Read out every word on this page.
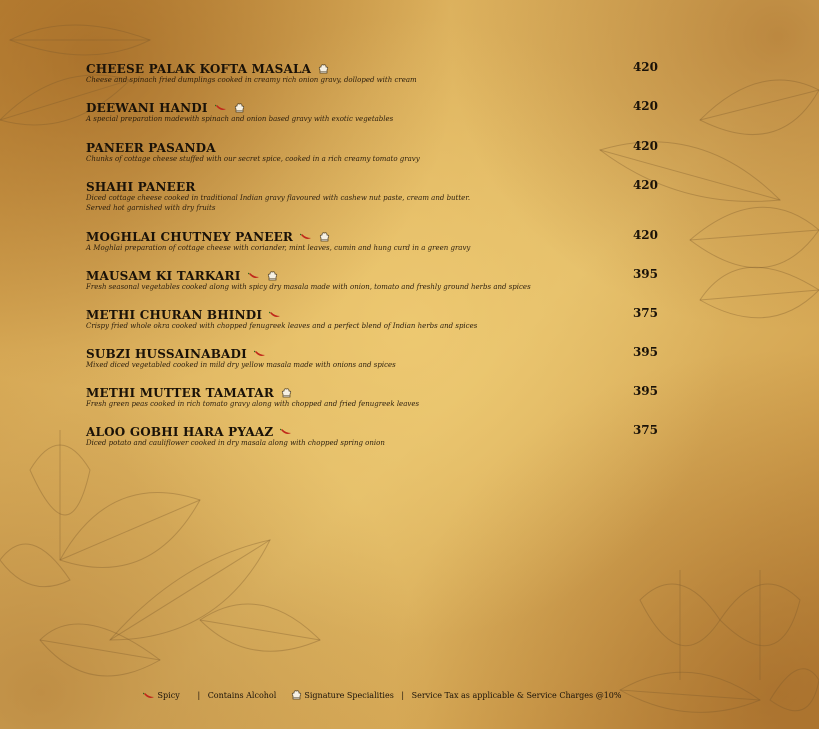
CHEESE PALAK KOFTA MASALA	420
Cheese and spinach fried dumplings cooked in creamy rich onion gravy, dolloped with cream
DEEWANI HANDI	420
A special preparation madewith spinach and onion based gravy with exotic vegetables
PANEER PASANDA	420
Chunks of cottage cheese stuffed with our secret spice, cooked in a rich creamy tomato gravy
SHAHI PANEER	420
Diced cottage cheese cooked in traditional Indian gravy flavoured with cashew nut paste, cream and butter.
Served hot garnished with dry fruits
MOGHLAI CHUTNEY PANEER	420
A Moghlai preparation of cottage cheese with coriander, mint leaves, cumin and hung curd in a green gravy
MAUSAM KI TARKARI	395
Fresh seasonal vegetables cooked along with spicy dry masala made with onion, tomato and freshly ground herbs and spices
METHI CHURAN BHINDI	375
Crispy fried whole okra cooked with chopped fenugreek leaves and a perfect blend of Indian herbs and spices
SUBZI HUSSAINABADI	395
Mixed diced vegetabled cooked in mild dry yellow masala made with onions and spices
METHI MUTTER TAMATAR	395
Fresh green peas cooked in rich tomato gravy along with chopped and fried fenugreek leaves
ALOO GOBHI HARA PYAAZ	375
Diced potato and cauliflower cooked in dry masala along with chopped spring onion
Spicy     | Contains Alcohol	Signature Specialities | Service Tax as applicable & Service Charges @10%
